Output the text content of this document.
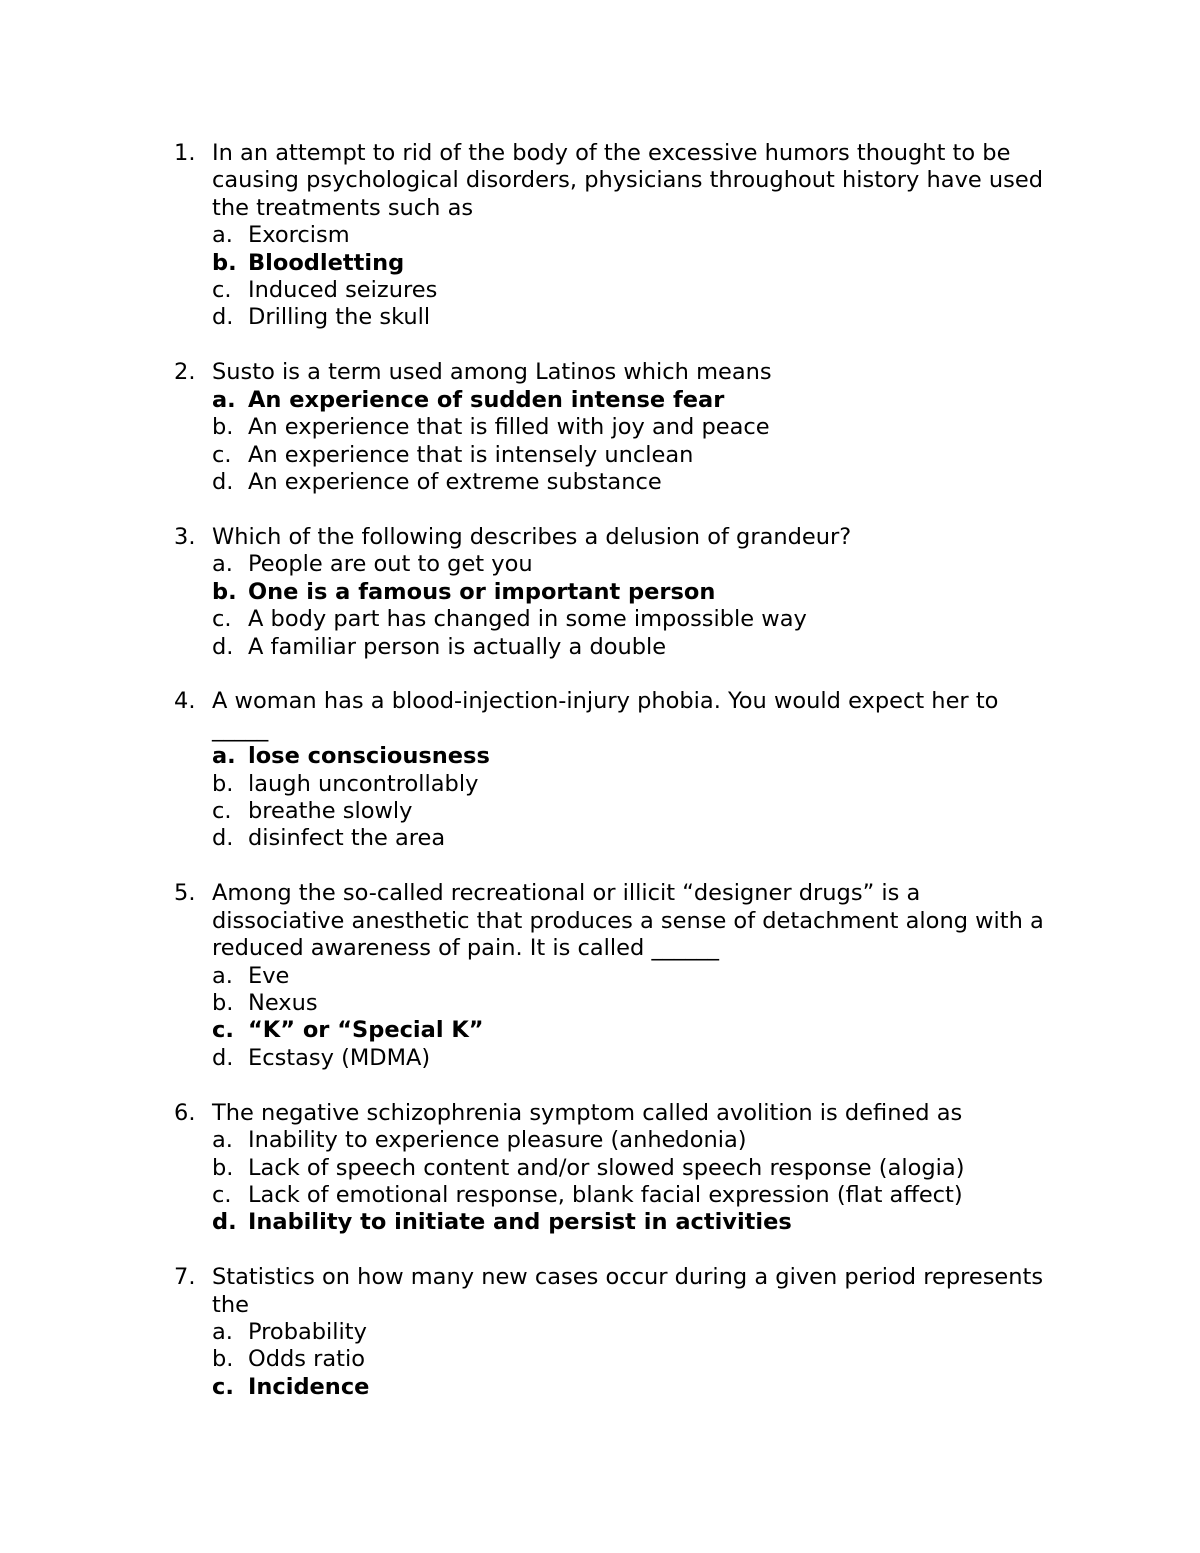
1. In an attempt to rid of the body of the excessive humors thought to be causing psychological disorders, physicians throughout history have used the treatments such as
a. Exorcism
b. Bloodletting
c. Induced seizures
d. Drilling the skull
2. Susto is a term used among Latinos which means
a. An experience of sudden intense fear
b. An experience that is filled with joy and peace
c. An experience that is intensely unclean
d. An experience of extreme substance
3. Which of the following describes a delusion of grandeur?
a. People are out to get you
b. One is a famous or important person
c. A body part has changed in some impossible way
d. A familiar person is actually a double
4. A woman has a blood-injection-injury phobia. You would expect her to _____
a. lose consciousness
b. laugh uncontrollably
c. breathe slowly
d. disinfect the area
5. Among the so-called recreational or illicit “designer drugs” is a dissociative anesthetic that produces a sense of detachment along with a reduced awareness of pain. It is called ______
a. Eve
b. Nexus
c. “K” or “Special K”
d. Ecstasy (MDMA)
6. The negative schizophrenia symptom called avolition is defined as
a. Inability to experience pleasure (anhedonia)
b. Lack of speech content and/or slowed speech response (alogia)
c. Lack of emotional response, blank facial expression (flat affect)
d. Inability to initiate and persist in activities
7. Statistics on how many new cases occur during a given period represents the
a. Probability
b. Odds ratio
c. Incidence
